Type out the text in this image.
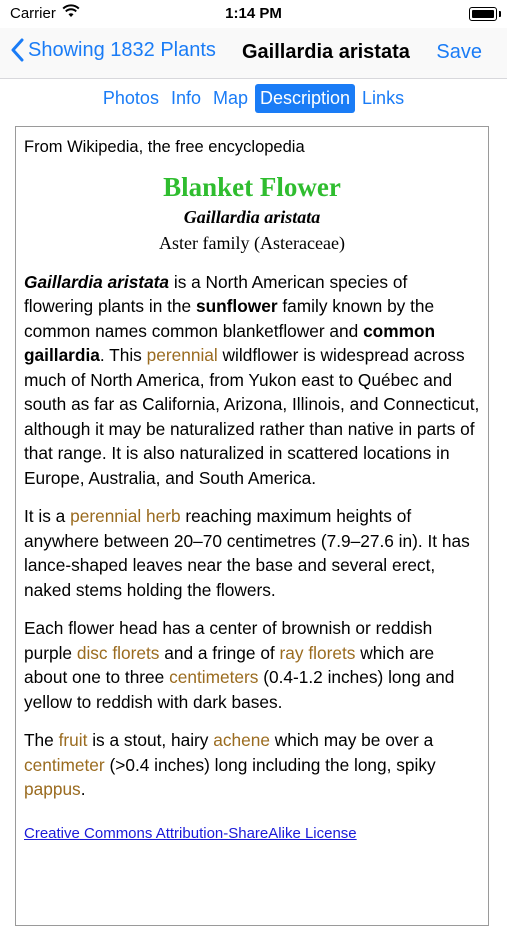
Carrier	1:14 PM
Showing 1832 Plants Gaillardia aristata Save
Photos Info Map Description Links
From Wikipedia, the free encyclopedia
Blanket Flower
Gaillardia aristata
Aster family (Asteraceae)

Gaillardia aristata is a North American species of flowering plants in the sunflower family known by the common names common blanketflower and common gaillardia. This perennial wildflower is widespread across much of North America, from Yukon east to Québec and south as far as California, Arizona, Illinois, and Connecticut, although it may be naturalized rather than native in parts of that range. It is also naturalized in scattered locations in Europe, Australia, and South America.

It is a perennial herb reaching maximum heights of anywhere between 20–70 centimetres (7.9–27.6 in). It has lance-shaped leaves near the base and several erect, naked stems holding the flowers.

Each flower head has a center of brownish or reddish purple disc florets and a fringe of ray florets which are about one to three centimeters (0.4-1.2 inches) long and yellow to reddish with dark bases.

The fruit is a stout, hairy achene which may be over a centimeter (>0.4 inches) long including the long, spiky pappus.

Creative Commons Attribution-ShareAlike License
